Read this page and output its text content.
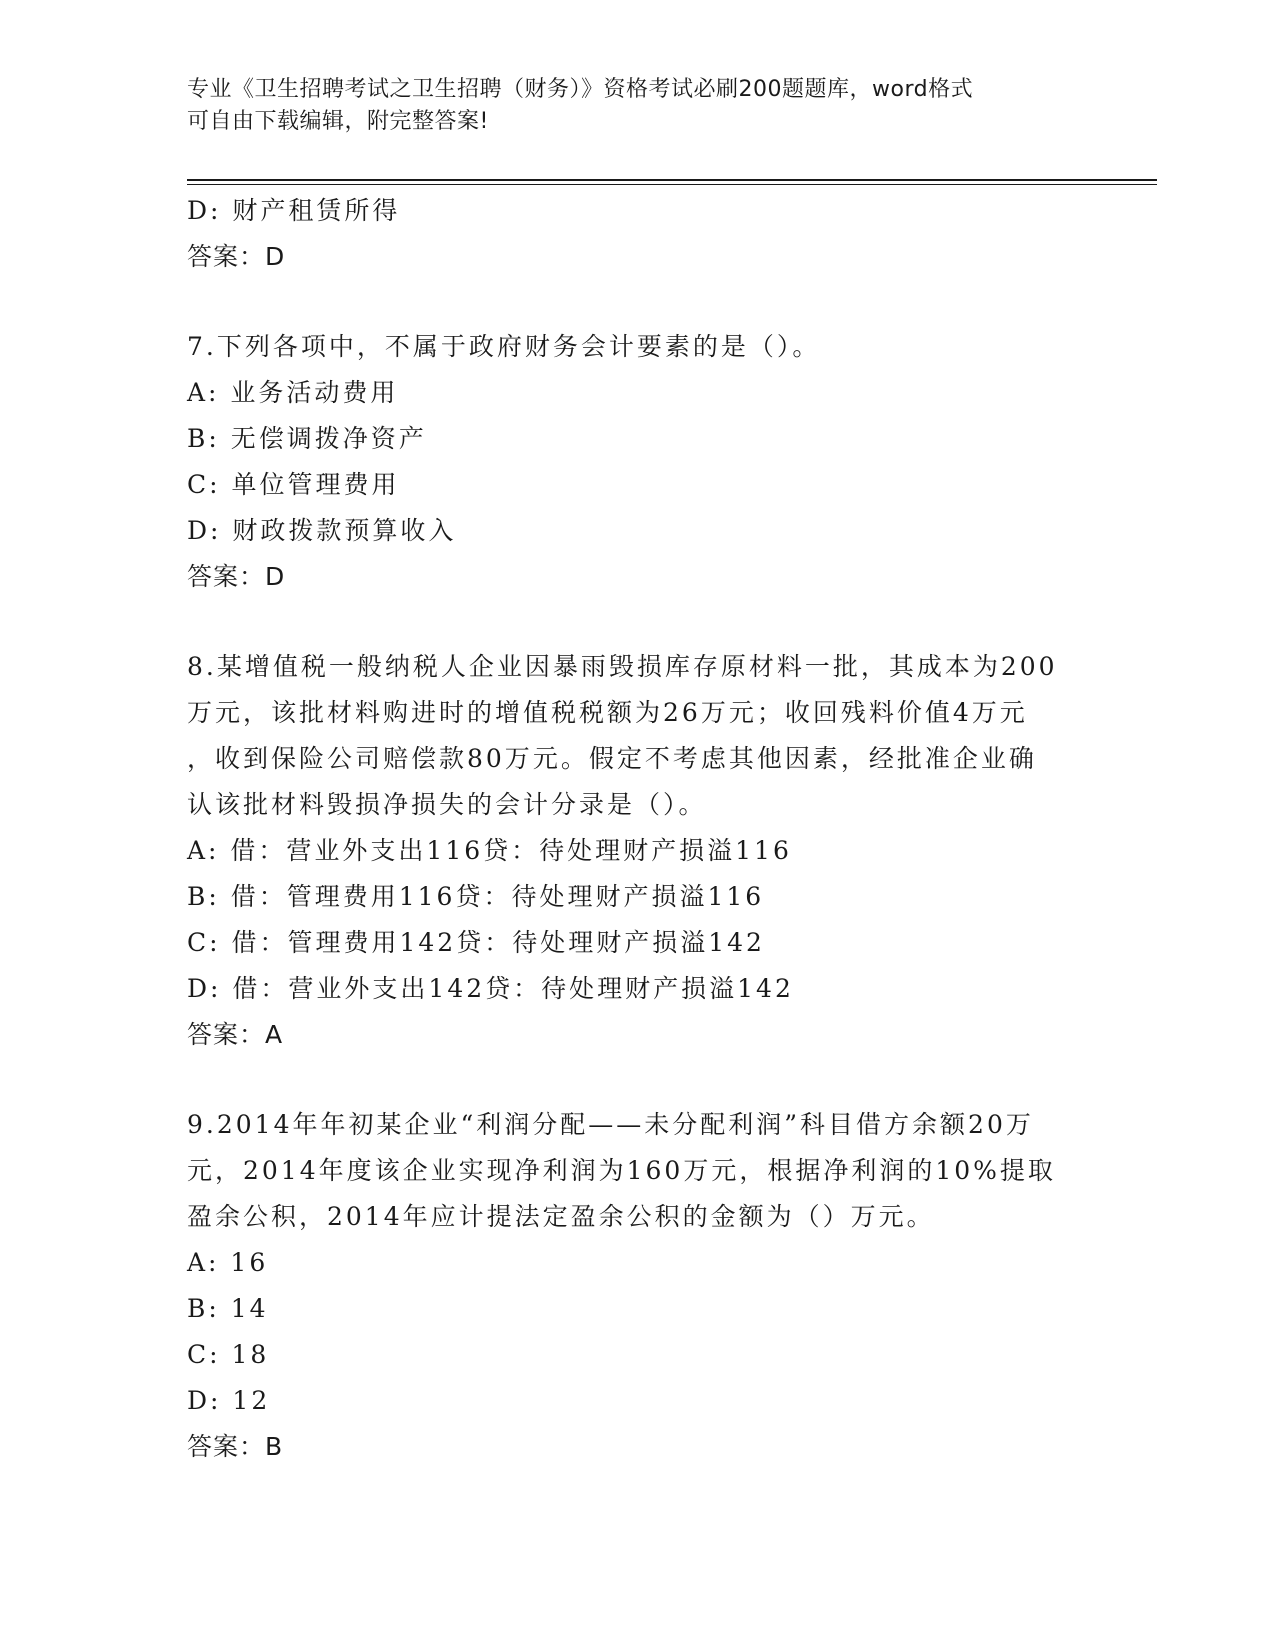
专业《卫生招聘考试之卫生招聘（财务）》资格考试必刷200题题库，word格式
可自由下载编辑，附完整答案!
D: 财产租赁所得
答案：D
7.下列各项中，不属于政府财务会计要素的是（）。
A: 业务活动费用
B: 无偿调拨净资产
C: 单位管理费用
D: 财政拨款预算收入
答案：D
8.某增值税一般纳税人企业因暴雨毁损库存原材料一批，其成本为200
万元，该批材料购进时的增值税税额为26万元；收回残料价值4万元
，收到保险公司赔偿款80万元。假定不考虑其他因素，经批准企业确
认该批材料毁损净损失的会计分录是（）。
A: 借：营业外支出116贷：待处理财产损溢116
B: 借：管理费用116贷：待处理财产损溢116
C: 借：管理费用142贷：待处理财产损溢142
D: 借：营业外支出142贷：待处理财产损溢142
答案：A
9.2014年年初某企业“利润分配——未分配利润”科目借方余额20万
元，2014年度该企业实现净利润为160万元，根据净利润的10%提取
盈余公积，2014年应计提法定盈余公积的金额为（）万元。
A: 16
B: 14
C: 18
D: 12
答案：B
